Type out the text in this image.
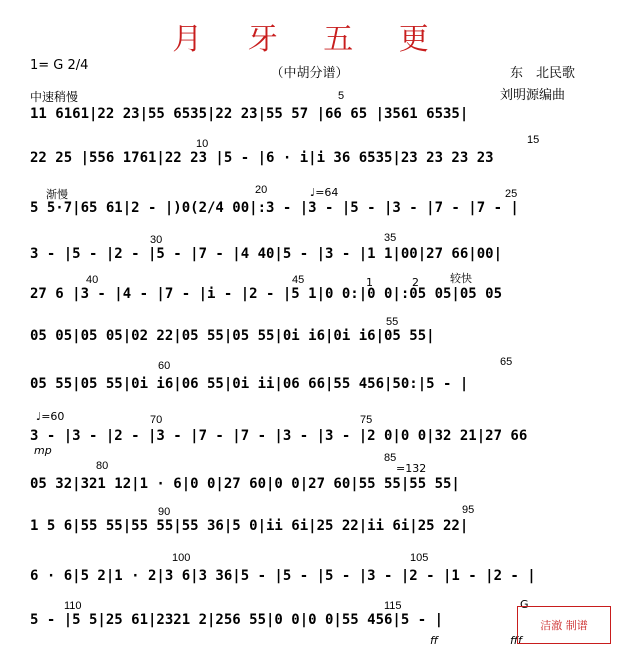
月 牙 五 更
1= G 2/4
（中胡分谱）	东　北民歌
刘明源编曲
中速稍慢
11 6161|22 23|55 6535|22 23|55 57 |66 65 |3561 6535|
22 25 |556 1761|22 23 |5 - |6 · i|i 36 6535|23 23 23 23
5 5·7|65 61|2 - |)0(2/4 00|:3 - |3 - |5 - |3 - |7 - |7 - |
3 - |5 - |2 - |5 - |7 - |4 40|5 - |3 - |1 1|00|27 66|00|
27 6 |3 - |4 - |7 - |i - |2 - |5 1|0 0:|0 0|:05 05|05 05
05 05|05 05|02 22|05 55|05 55|0i i6|0i i6|05 55|
05 55|05 55|0i i6|06 55|0i ii|06 66|55 456|50:|5 - |
3 - |3 - |2 - |3 - |7 - |7 - |3 - |3 - |2 0|0 0|32 21|27 66
05 32|321 12|1 · 6|0 0|27 60|0 0|27 60|55 55|55 55|
1 5 6|55 55|55 55|55 36|5 0|ii 6i|25 22|ii 6i|25 22|
6 · 6|5 2|1 · 2|3 6|3 36|5 - |5 - |5 - |3 - |2 - |1 - |2 - |
5 - |5 5|25 61|2321 2|256 55|0 0|0 0|55 456|5 - |
5
10	15
20	25
30	35
40	45
55
60	65
70	75
80
85
90	95
100	105
110	115
渐慢	♩=64
较快
♩=60
=132
mp
ff	fff
1	2
G
洁澈 制谱
